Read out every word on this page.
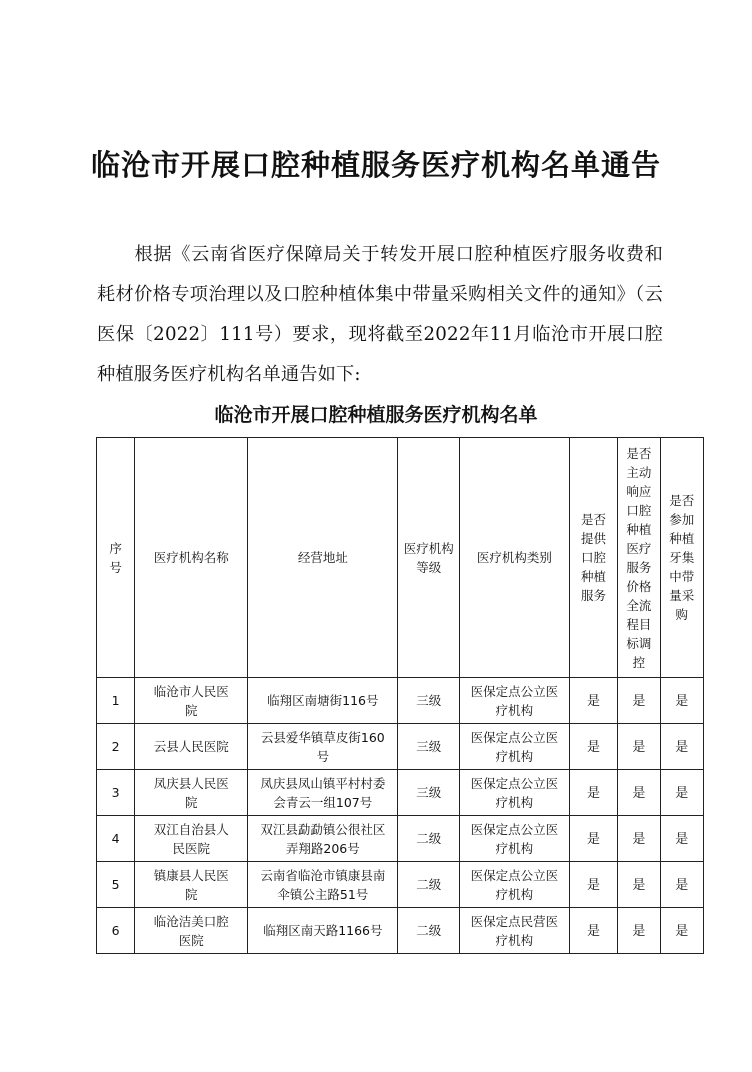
临沧市开展口腔种植服务医疗机构名单通告
根据《云南省医疗保障局关于转发开展口腔种植医疗服务收费和耗材价格专项治理以及口腔种植体集中带量采购相关文件的通知》（云医保〔2022〕111号）要求，现将截至2022年11月临沧市开展口腔种植服务医疗机构名单通告如下:
临沧市开展口腔种植服务医疗机构名单
序号	医疗机构名称	经营地址	医疗机构等级	医疗机构类别	是否提供口腔种植服务	是否主动响应口腔种植医疗服务价格全流程目标调控	是否参加种植牙集中带量采购

1	临沧市人民医院	临翔区南塘街116号	三级	医保定点公立医疗机构	是	是	是
2	云县人民医院	云县爱华镇草皮街160号	三级	医保定点公立医疗机构	是	是	是
3	凤庆县人民医院	凤庆县凤山镇平村村委会青云一组107号	三级	医保定点公立医疗机构	是	是	是
4	双江自治县人民医院	双江县勐勐镇公很社区弄翔路206号	二级	医保定点公立医疗机构	是	是	是
5	镇康县人民医院	云南省临沧市镇康县南伞镇公主路51号	二级	医保定点公立医疗机构	是	是	是
6	临沧洁美口腔医院	临翔区南天路1166号	二级	医保定点民营医疗机构	是	是	是
